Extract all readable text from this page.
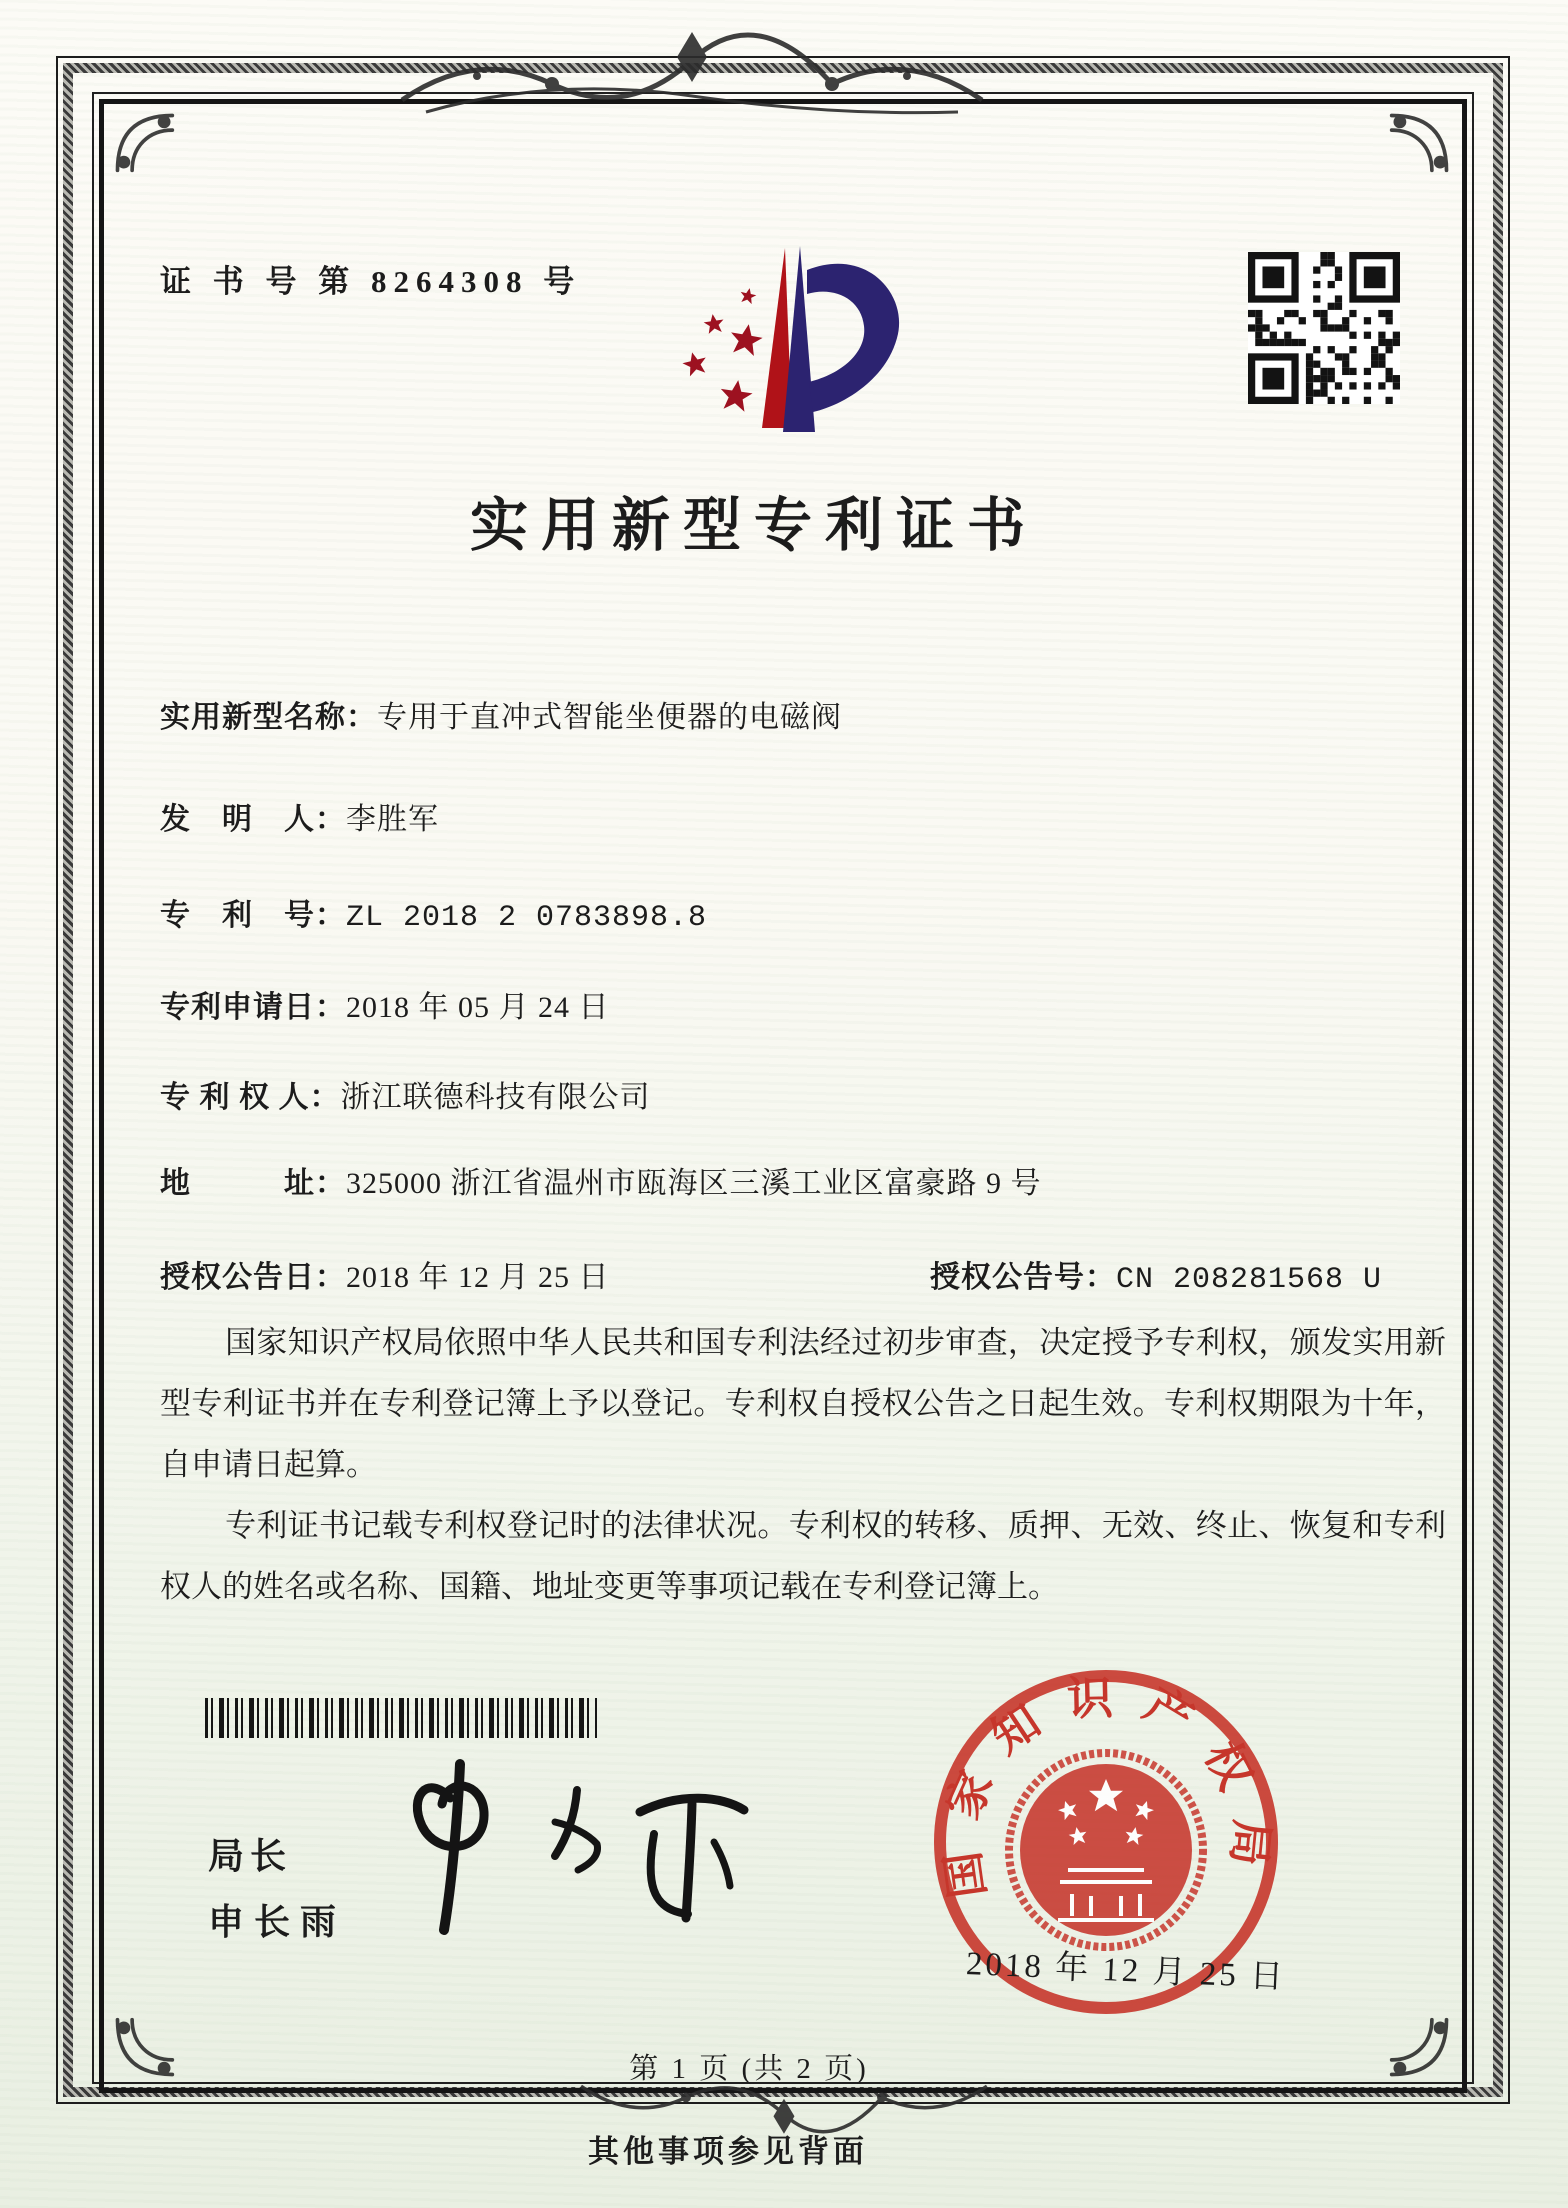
证 书 号 第 8264308 号
实用新型专利证书
实用新型名称：专用于直冲式智能坐便器的电磁阀
发　明　人：李胜军
专　利　号：ZL 2018 2 0783898.8
专利申请日：2018 年 05 月 24 日
专 利 权 人：浙江联德科技有限公司
地　　　址：325000 浙江省温州市瓯海区三溪工业区富豪路 9 号
授权公告日：2018 年 12 月 25 日	授权公告号：CN 208281568 U

国家知识产权局依照中华人民共和国专利法经过初步审查，决定授予专利权，颁发实用新型专利证书并在专利登记簿上予以登记。专利权自授权公告之日起生效。专利权期限为十年，自申请日起算。

专利证书记载专利权登记时的法律状况。专利权的转移、质押、无效、终止、恢复和专利权人的姓名或名称、国籍、地址变更等事项记载在专利登记簿上。

局长
申长雨
国家知识产权局
2018 年 12 月 25 日
第 1 页 (共 2 页)
其他事项参见背面
